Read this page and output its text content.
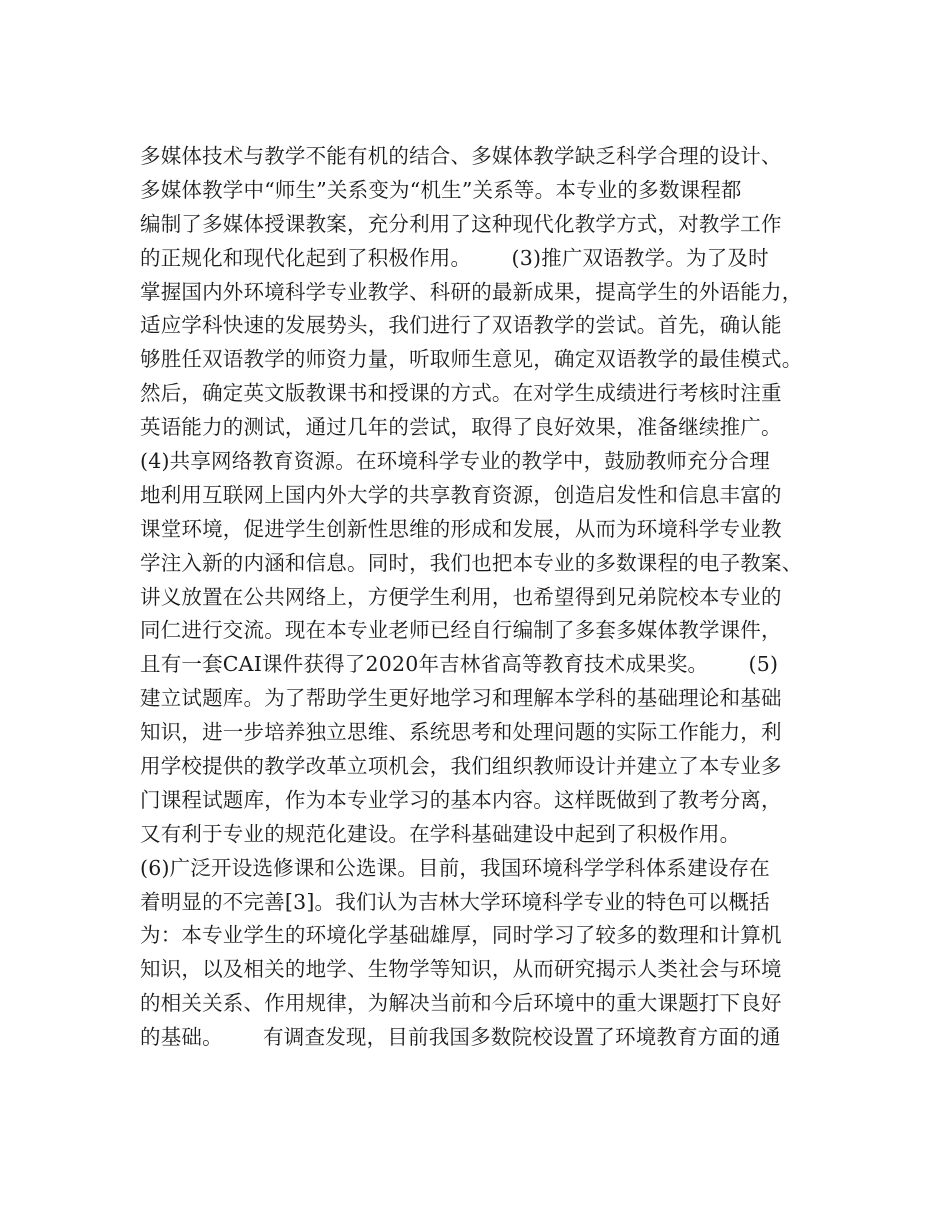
多媒体技术与教学不能有机的结合、多媒体教学缺乏科学合理的设计、
多媒体教学中“师生”关系变为“机生”关系等。本专业的多数课程都
编制了多媒体授课教案，充分利用了这种现代化教学方式，对教学工作
的正规化和现代化起到了积极作用。      (3)推广双语教学。为了及时
掌握国内外环境科学专业教学、科研的最新成果，提高学生的外语能力，
适应学科快速的发展势头，我们进行了双语教学的尝试。首先，确认能
够胜任双语教学的师资力量，听取师生意见，确定双语教学的最佳模式。
然后，确定英文版教课书和授课的方式。在对学生成绩进行考核时注重
英语能力的测试，通过几年的尝试，取得了良好效果，准备继续推广。
(4)共享网络教育资源。在环境科学专业的教学中，鼓励教师充分合理
地利用互联网上国内外大学的共享教育资源，创造启发性和信息丰富的
课堂环境，促进学生创新性思维的形成和发展，从而为环境科学专业教
学注入新的内涵和信息。同时，我们也把本专业的多数课程的电子教案、
讲义放置在公共网络上，方便学生利用，也希望得到兄弟院校本专业的
同仁进行交流。现在本专业老师已经自行编制了多套多媒体教学课件，
且有一套CAI课件获得了2020年吉林省高等教育技术成果奖。      (5)
建立试题库。为了帮助学生更好地学习和理解本学科的基础理论和基础
知识，进一步培养独立思维、系统思考和处理问题的实际工作能力，利
用学校提供的教学改革立项机会，我们组织教师设计并建立了本专业多
门课程试题库，作为本专业学习的基本内容。这样既做到了教考分离，
又有利于专业的规范化建设。在学科基础建设中起到了积极作用。
(6)广泛开设选修课和公选课。目前，我国环境科学学科体系建设存在
着明显的不完善[3]。我们认为吉林大学环境科学专业的特色可以概括
为：本专业学生的环境化学基础雄厚，同时学习了较多的数理和计算机
知识，以及相关的地学、生物学等知识，从而研究揭示人类社会与环境
的相关关系、作用规律，为解决当前和今后环境中的重大课题打下良好
的基础。      有调查发现，目前我国多数院校设置了环境教育方面的通
